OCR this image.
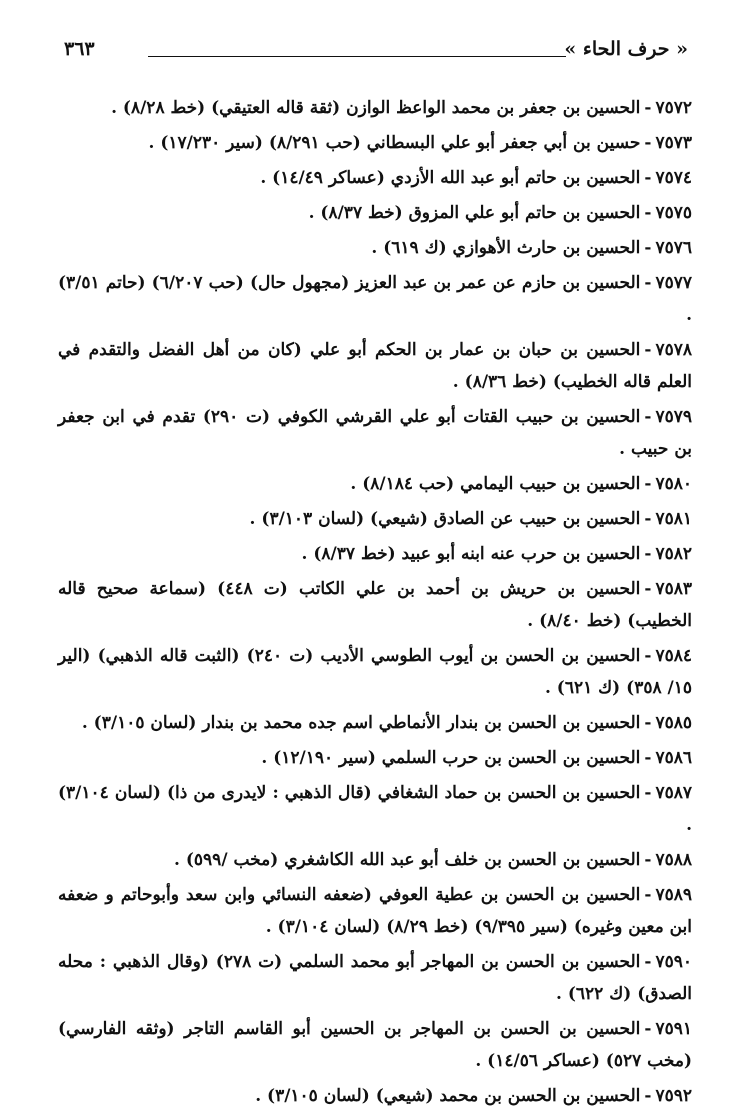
« حرف الحاء »
٣٦٣
٧٥٧٢-الحسين بن جعفر بن محمد الواعظ الوازن (ثقة قاله العتيقي) (خط ٨/٢٨) .
٧٥٧٣-حسين بن أبي جعفر أبو علي البسطاني (حب ٨/٢٩١) (سير ١٧/٢٣٠) .
٧٥٧٤-الحسين بن حاتم أبو عبد الله الأزدي (عساكر ١٤/٤٩) .
٧٥٧٥-الحسين بن حاتم أبو علي المزوق (خط ٨/٣٧) .
٧٥٧٦-الحسين بن حارث الأهوازي (ك ٦١٩) .
٧٥٧٧-الحسين بن حازم عن عمر بن عبد العزيز (مجهول حال) (حب ٦/٢٠٧) (حاتم ٣/٥١) .
٧٥٧٨-الحسين بن حبان بن عمار بن الحكم أبو علي (كان من أهل الفضل والتقدم في العلم قاله الخطيب) (خط ٨/٣٦) .
٧٥٧٩-الحسين بن حبيب القتات أبو علي القرشي الكوفي (ت ٢٩٠) تقدم في ابن جعفر بن حبيب .
٧٥٨٠-الحسين بن حبيب اليمامي (حب ٨/١٨٤) .
٧٥٨١-الحسين بن حبيب عن الصادق (شيعي) (لسان ٣/١٠٣) .
٧٥٨٢-الحسين بن حرب عنه ابنه أبو عبيد (خط ٨/٣٧) .
٧٥٨٣-الحسين بن حريش بن أحمد بن علي الكاتب (ت ٤٤٨) (سماعة صحيح قاله الخطيب) (خط ٨/٤٠) .
٧٥٨٤-الحسين بن الحسن بن أيوب الطوسي الأديب (ت ٢٤٠) (الثبت قاله الذهبي) (الير ١٥/ ٣٥٨) (ك ٦٢١) .
٧٥٨٥-الحسين بن الحسن بن بندار الأنماطي اسم جده محمد بن بندار (لسان ٣/١٠٥) .
٧٥٨٦-الحسين بن الحسن بن حرب السلمي (سير ١٢/١٩٠) .
٧٥٨٧-الحسين بن الحسن بن حماد الشغافي (قال الذهبي : لايدرى من ذا) (لسان ٣/١٠٤) .
٧٥٨٨-الحسين بن الحسن بن خلف أبو عبد الله الكاشغري (مخب /٥٩٩) .
٧٥٨٩-الحسين بن الحسن بن عطية العوفي (ضعفه النسائي وابن سعد وأبوحاتم و ضعفه ابن معين وغيره) (سير ٩/٣٩٥) (خط ٨/٢٩) (لسان ٣/١٠٤) .
٧٥٩٠-الحسين بن الحسن بن المهاجر أبو محمد السلمي (ت ٢٧٨) (وقال الذهبي : محله الصدق) (ك ٦٢٢) .
٧٥٩١-الحسين بن الحسن بن المهاجر بن الحسين أبو القاسم التاجر (وثقه الفارسي) (مخب ٥٢٧) (عساكر ١٤/٥٦) .
٧٥٩٢-الحسين بن الحسن بن محمد (شيعي) (لسان ٣/١٠٥) .
